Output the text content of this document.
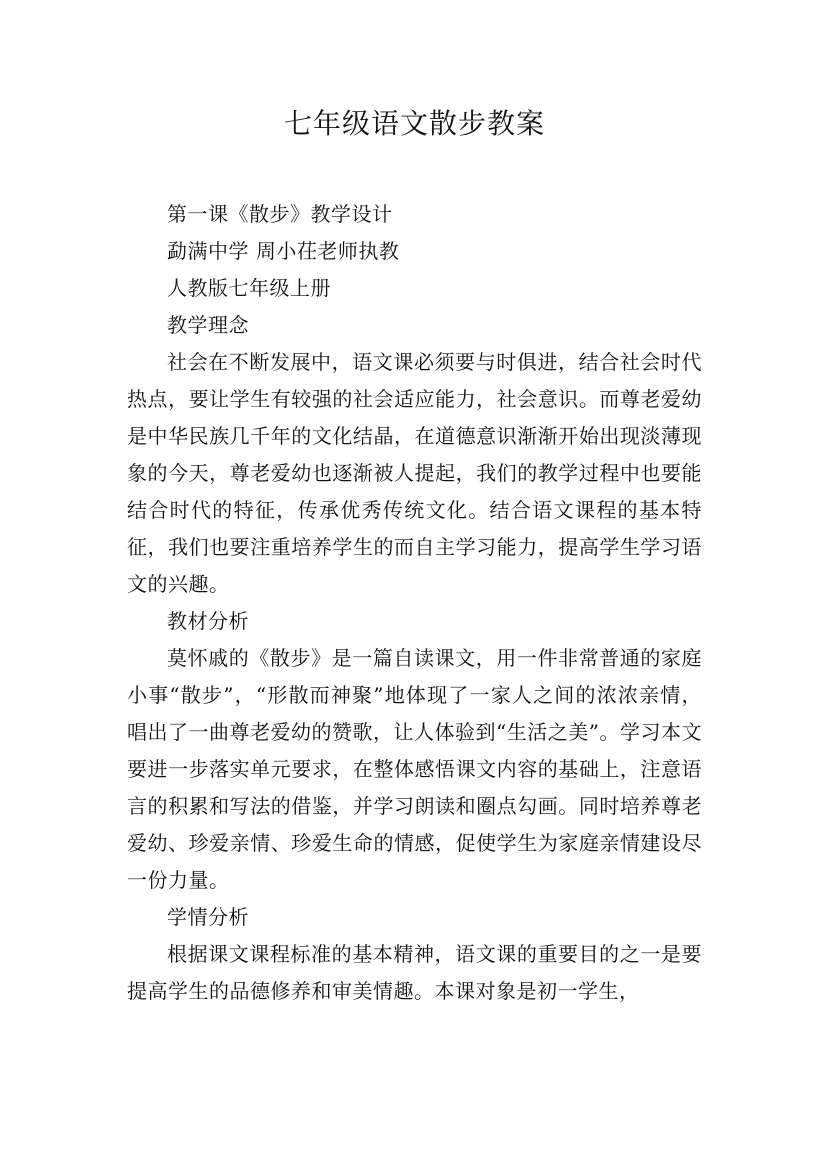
七年级语文散步教案

第一课《散步》教学设计

勐满中学 周小茌老师执教

人教版七年级上册

教学理念

社会在不断发展中，语文课必须要与时俱进，结合社会时代热点，要让学生有较强的社会适应能力，社会意识。而尊老爱幼是中华民族几千年的文化结晶，在道德意识渐渐开始出现淡薄现象的今天，尊老爱幼也逐渐被人提起，我们的教学过程中也要能结合时代的特征，传承优秀传统文化。结合语文课程的基本特征，我们也要注重培养学生的而自主学习能力，提高学生学习语文的兴趣。

教材分析

莫怀戚的《散步》是一篇自读课文，用一件非常普通的家庭小事“散步”，“形散而神聚”地体现了一家人之间的浓浓亲情，唱出了一曲尊老爱幼的赞歌，让人体验到“生活之美”。学习本文要进一步落实单元要求，在整体感悟课文内容的基础上，注意语言的积累和写法的借鉴，并学习朗读和圈点勾画。同时培养尊老爱幼、珍爱亲情、珍爱生命的情感，促使学生为家庭亲情建设尽一份力量。

学情分析

根据课文课程标准的基本精神，语文课的重要目的之一是要提高学生的品德修养和审美情趣。本课对象是初一学生，
